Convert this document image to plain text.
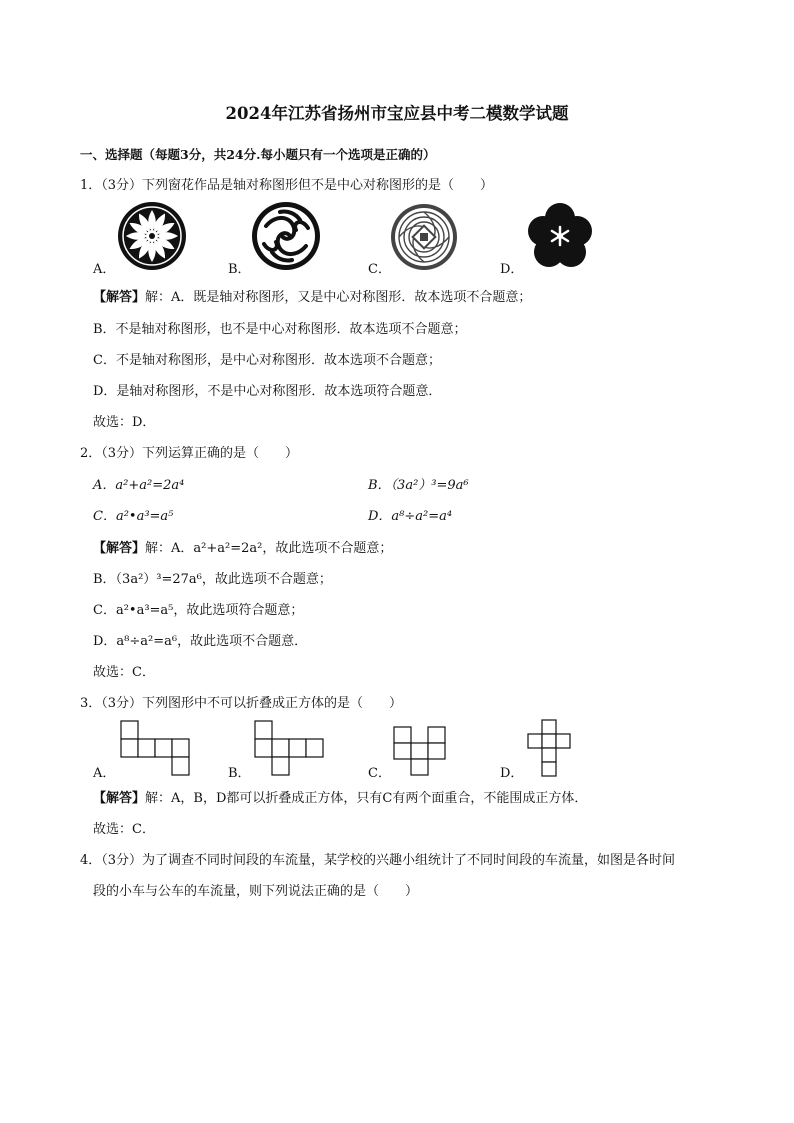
2024年江苏省扬州市宝应县中考二模数学试题
一、选择题（每题3分，共24分.每小题只有一个选项是正确的）
1．（3分）下列窗花作品是轴对称图形但不是中心对称图形的是（　　）
A．	B．	C．	D．
【解答】解：A．既是轴对称图形，又是中心对称图形．故本选项不合题意；
B．不是轴对称图形，也不是中心对称图形．故本选项不合题意；
C．不是轴对称图形，是中心对称图形．故本选项不合题意；
D．是轴对称图形，不是中心对称图形．故本选项符合题意．
故选：D．
2．（3分）下列运算正确的是（　　）
A．a²+a²=2a⁴	B．（3a²）³=9a⁶
C．a²•a³=a⁵	D．a⁸÷a²=a⁴
【解答】解：A．a²+a²=2a²，故此选项不合题意；
B．（3a²）³=27a⁶，故此选项不合题意；
C．a²•a³=a⁵，故此选项符合题意；
D．a⁸÷a²=a⁶，故此选项不合题意．
故选：C．
3．（3分）下列图形中不可以折叠成正方体的是（　　）
A．	B．	C．	D．
【解答】解：A，B，D都可以折叠成正方体，只有C有两个面重合，不能围成正方体．
故选：C．
4．（3分）为了调查不同时间段的车流量，某学校的兴趣小组统计了不同时间段的车流量，如图是各时间
段的小车与公车的车流量，则下列说法正确的是（　　）
